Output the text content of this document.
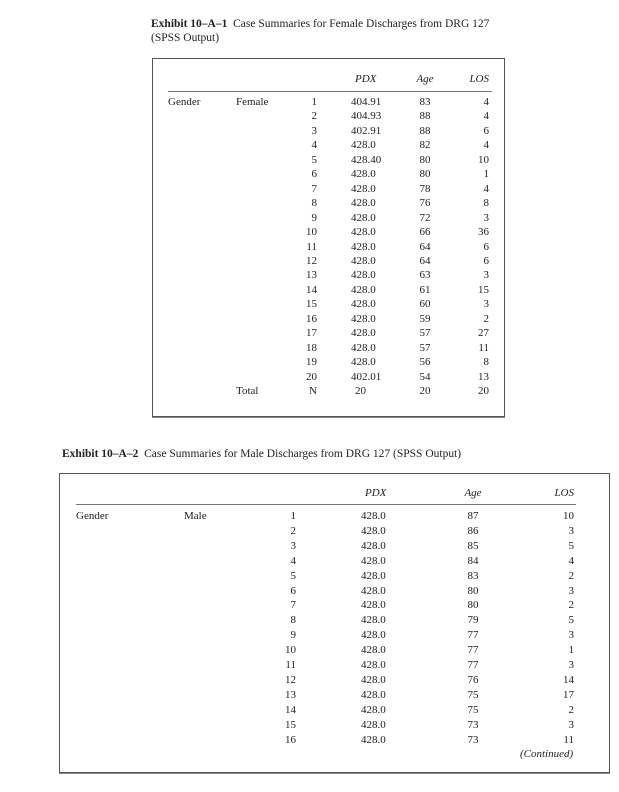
Exhibit 10–A–1 Case Summaries for Female Discharges from DRG 127
(SPSS Output)
PDX	Age	LOS
Gender	Female	1	404.91	83	4
2	404.93	88	4
3	402.91	88	6
4	428.0	82	4
5	428.40	80	10
6	428.0	80	1
7	428.0	78	4
8	428.0	76	8
9	428.0	72	3
10	428.0	66	36
11	428.0	64	6
12	428.0	64	6
13	428.0	63	3
14	428.0	61	15
15	428.0	60	3
16	428.0	59	2
17	428.0	57	27
18	428.0	57	11
19	428.0	56	8
20	402.01	54	13
Total	N	20	20	20
Exhibit 10–A–2 Case Summaries for Male Discharges from DRG 127 (SPSS Output)
PDX	Age	LOS
Gender	Male	1	428.0	87	10
2	428.0	86	3
3	428.0	85	5
4	428.0	84	4
5	428.0	83	2
6	428.0	80	3
7	428.0	80	2
8	428.0	79	5
9	428.0	77	3
10	428.0	77	1
11	428.0	77	3
12	428.0	76	14
13	428.0	75	17
14	428.0	75	2
15	428.0	73	3
16	428.0	73	11
(Continued)
